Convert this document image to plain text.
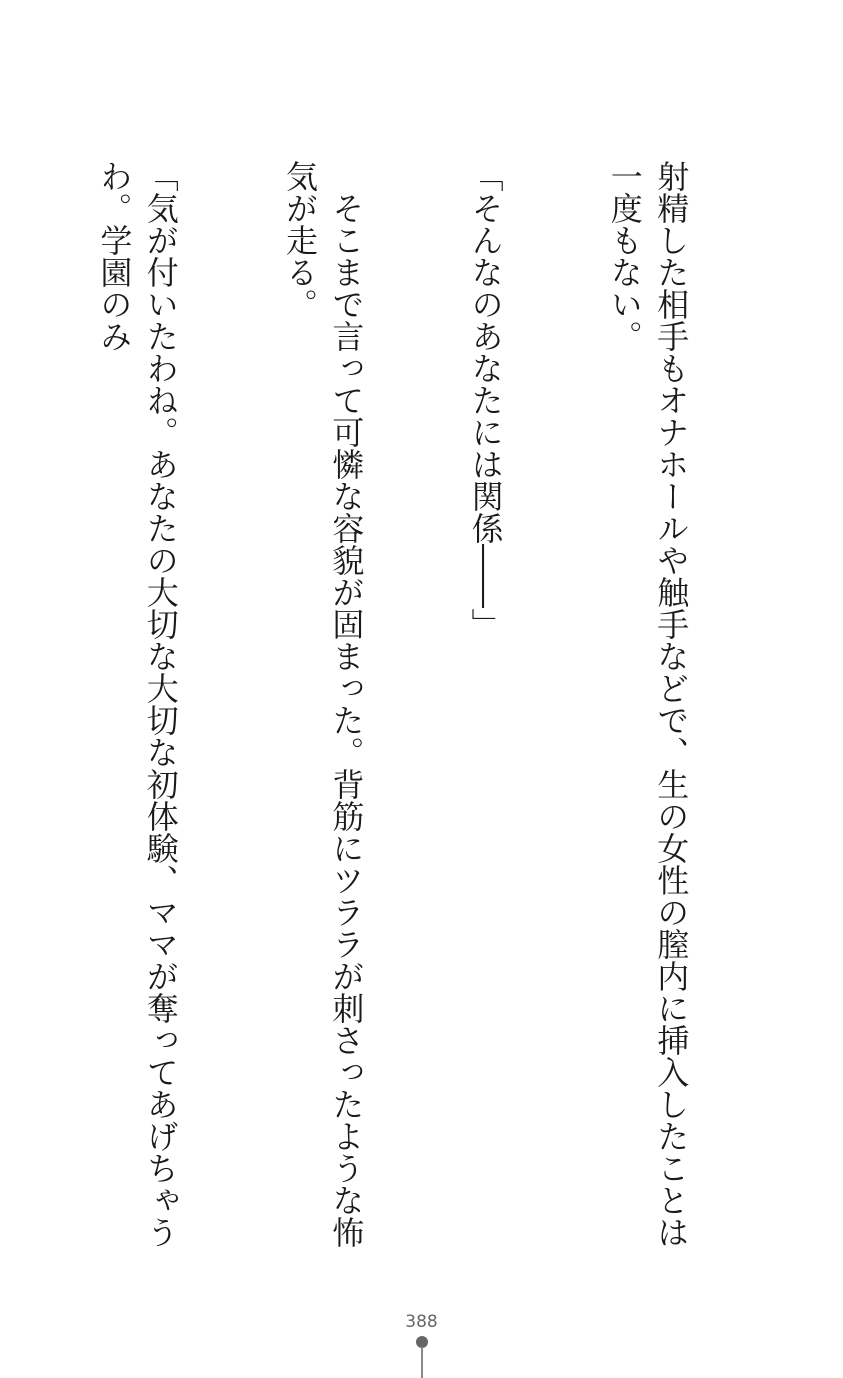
射精した相手もオナホールや触手などで、生の女性の膣内に挿入したことは一度もない。

「そんなのあなたには関係――」

　そこまで言って可憐な容貌が固まった。背筋にツララが刺さったような怖気が走る。

「気が付いたわね。あなたの大切な大切な初体験、ママが奪ってあげちゃうわ。学園のみ

388
